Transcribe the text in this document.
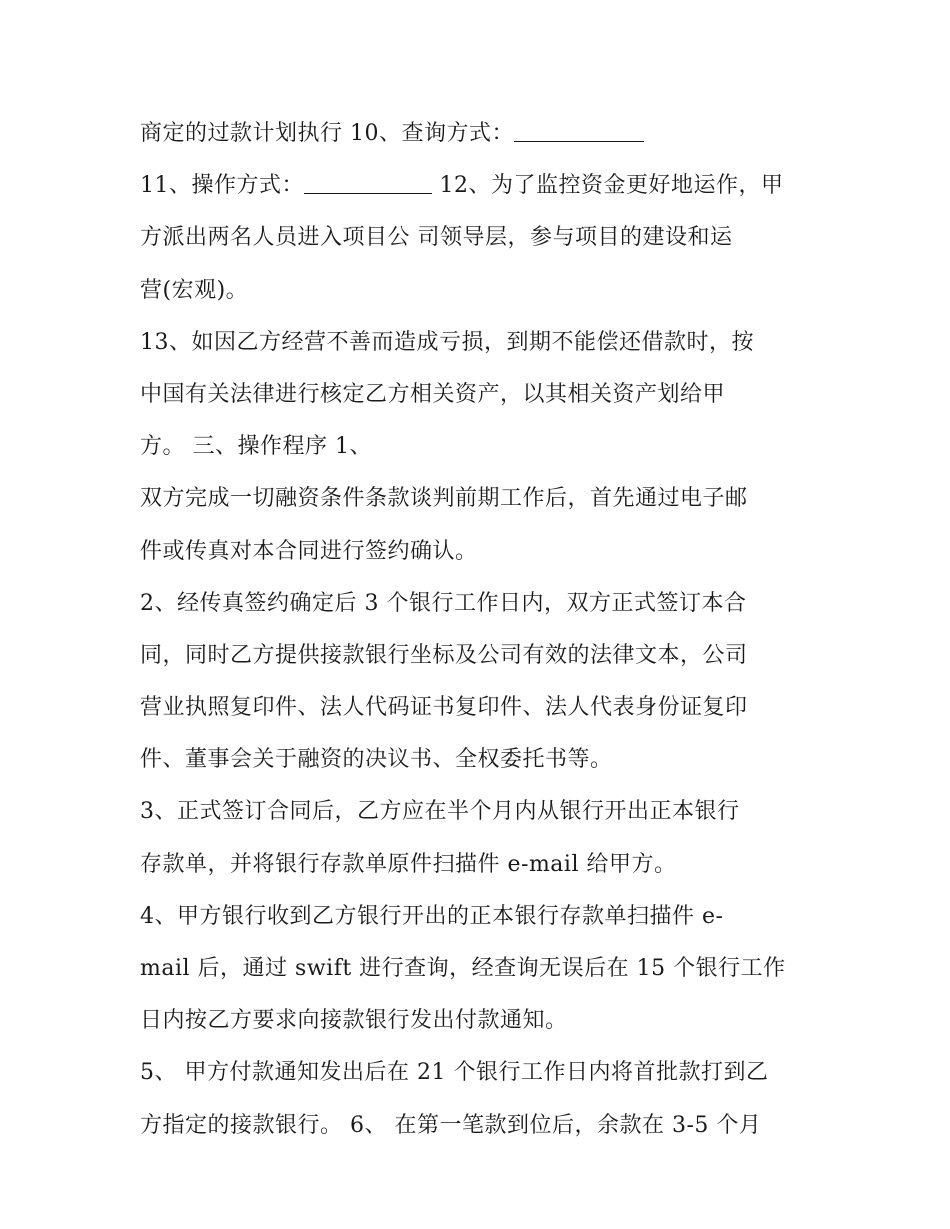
商定的过款计划执行 10、查询方式：
11、操作方式：	12、为了监控资金更好地运作，甲
方派出两名人员进入项目公 司领导层，参与项目的建设和运
营(宏观)。
13、如因乙方经营不善而造成亏损，到期不能偿还借款时，按
中国有关法律进行核定乙方相关资产，以其相关资产划给甲
方。 三、操作程序 1、
双方完成一切融资条件条款谈判前期工作后，首先通过电子邮
件或传真对本合同进行签约确认。
2、经传真签约确定后 3 个银行工作日内，双方正式签订本合
同，同时乙方提供接款银行坐标及公司有效的法律文本，公司
营业执照复印件、法人代码证书复印件、法人代表身份证复印
件、董事会关于融资的决议书、全权委托书等。
3、正式签订合同后，乙方应在半个月内从银行开出正本银行
存款单，并将银行存款单原件扫描件 e-mail 给甲方。
4、甲方银行收到乙方银行开出的正本银行存款单扫描件 e-
mail 后，通过 swift 进行查询，经查询无误后在 15 个银行工作
日内按乙方要求向接款银行发出付款通知。
5、 甲方付款通知发出后在 21 个银行工作日内将首批款打到乙
方指定的接款银行。 6、 在第一笔款到位后，余款在 3-5 个月
